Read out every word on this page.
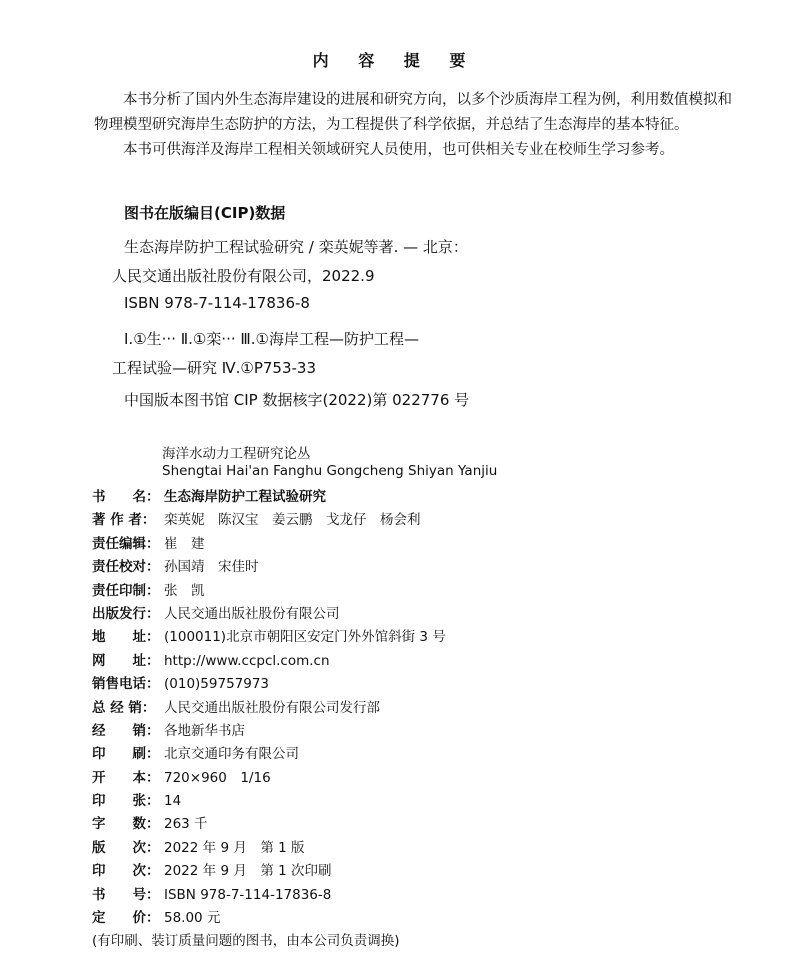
内 容 提 要

本书分析了国内外生态海岸建设的进展和研究方向，以多个沙质海岸工程为例，利用数值模拟和物理模型研究海岸生态防护的方法，为工程提供了科学依据，并总结了生态海岸的基本特征。

本书可供海洋及海岸工程相关领域研究人员使用，也可供相关专业在校师生学习参考。

图书在版编目(CIP)数据
生态海岸防护工程试验研究 / 栾英妮等著. — 北京：
人民交通出版社股份有限公司，2022.9
ISBN 978-7-114-17836-8
Ⅰ.①生··· Ⅱ.①栾··· Ⅲ.①海岸工程—防护工程—
工程试验—研究 Ⅳ.①P753-33
中国版本图书馆 CIP 数据核字(2022)第 022776 号
海洋水动力工程研究论丛
Shengtai Hai'an Fanghu Gongcheng Shiyan Yanjiu
书　　名： 生态海岸防护工程试验研究
著 作 者： 栾英妮　陈汉宝　姜云鹏　戈龙仔　杨会利
责任编辑： 崔　建
责任校对： 孙国靖　宋佳时
责任印制： 张　凯
出版发行： 人民交通出版社股份有限公司
地　　址： (100011)北京市朝阳区安定门外外馆斜街 3 号
网　　址： http://www.ccpcl.com.cn
销售电话： (010)59757973
总 经 销： 人民交通出版社股份有限公司发行部
经　　销： 各地新华书店
印　　刷： 北京交通印务有限公司
开　　本： 720×960　1/16
印　　张： 14
字　　数： 263 千
版　　次： 2022 年 9 月　第 1 版
印　　次： 2022 年 9 月　第 1 次印刷
书　　号： ISBN 978-7-114-17836-8
定　　价： 58.00 元
(有印刷、装订质量问题的图书，由本公司负责调换)
